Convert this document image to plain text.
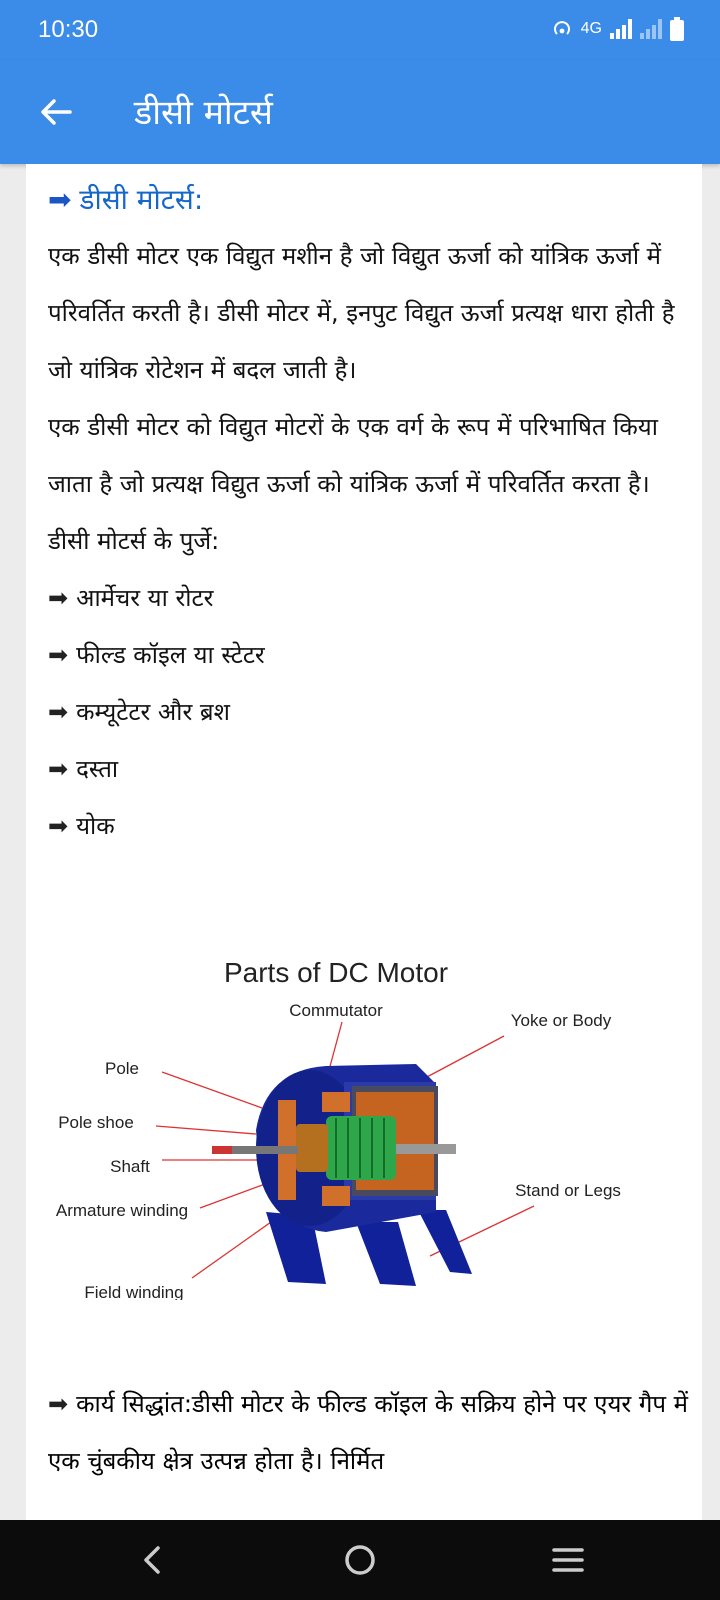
10:30	4G
डीसी मोटर्स
➡ डीसी मोटर्स:

एक डीसी मोटर एक विद्युत मशीन है जो विद्युत ऊर्जा को यांत्रिक ऊर्जा में परिवर्तित करती है। डीसी मोटर में, इनपुट विद्युत ऊर्जा प्रत्यक्ष धारा होती है जो यांत्रिक रोटेशन में बदल जाती है।

एक डीसी मोटर को विद्युत मोटरों के एक वर्ग के रूप में परिभाषित किया जाता है जो प्रत्यक्ष विद्युत ऊर्जा को यांत्रिक ऊर्जा में परिवर्तित करता है।

डीसी मोटर्स के पुर्जे:

➡ आर्मेचर या रोटर
➡ फील्ड कॉइल या स्टेटर
➡ कम्यूटेटर और ब्रश
➡ दस्ता
➡ योक
Parts of DC Motor
Commutator
Yoke or Body
Pole
Pole shoe
Shaft
Stand or Legs
Armature winding
Field winding

➡ कार्य सिद्धांत:डीसी मोटर के फील्ड कॉइल के सक्रिय होने पर एयर गैप में एक चुंबकीय क्षेत्र उत्पन्न होता है। निर्मित
